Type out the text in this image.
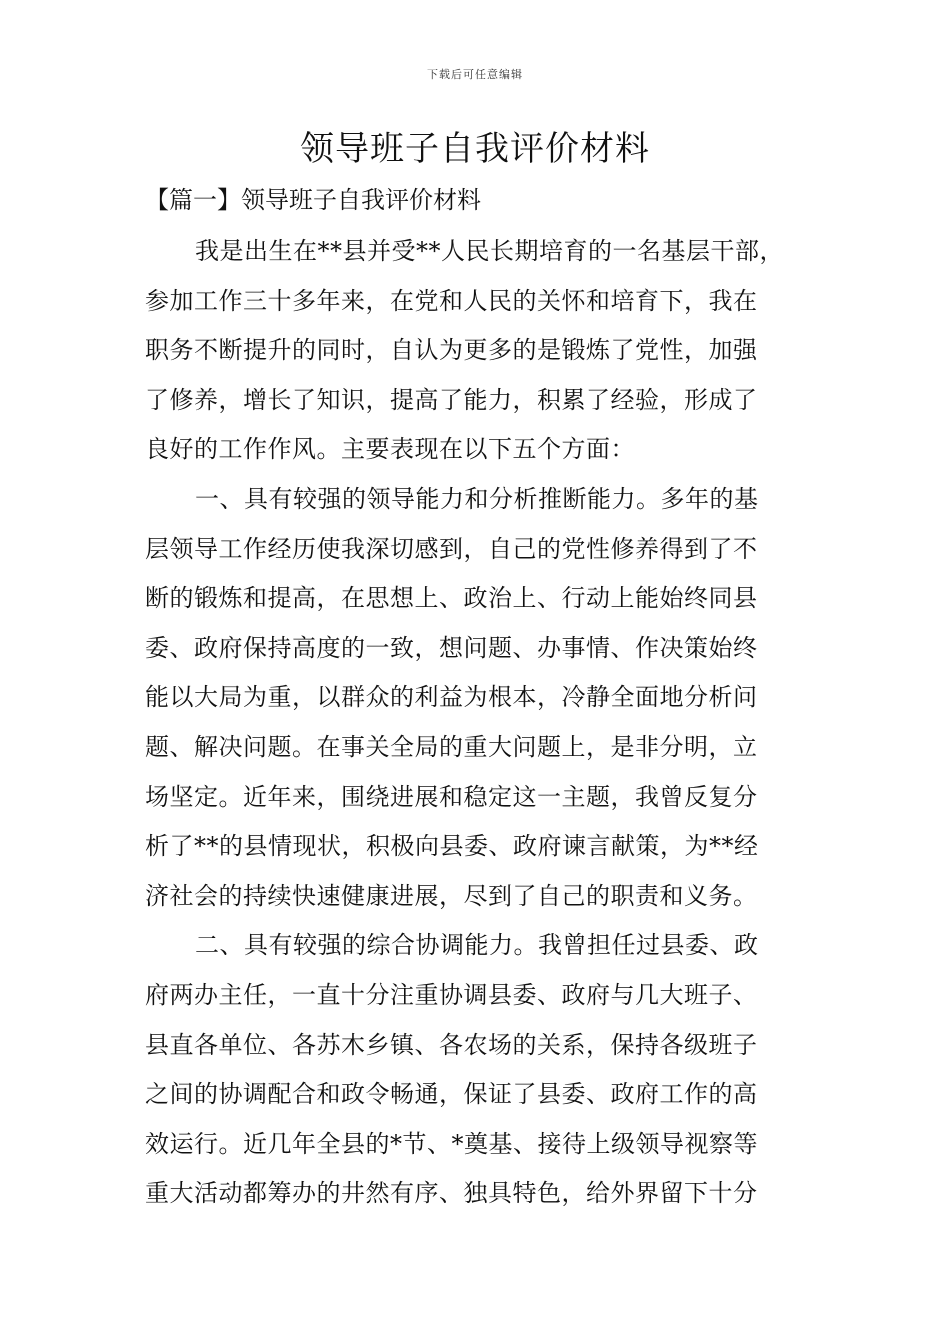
下载后可任意编辑
领导班子自我评价材料
【篇一】领导班子自我评价材料
我是出生在**县并受**人民长期培育的一名基层干部，
参加工作三十多年来，在党和人民的关怀和培育下，我在
职务不断提升的同时，自认为更多的是锻炼了党性，加强
了修养，增长了知识，提高了能力，积累了经验，形成了
良好的工作作风。主要表现在以下五个方面：
一、具有较强的领导能力和分析推断能力。多年的基
层领导工作经历使我深切感到，自己的党性修养得到了不
断的锻炼和提高，在思想上、政治上、行动上能始终同县
委、政府保持高度的一致，想问题、办事情、作决策始终
能以大局为重，以群众的利益为根本，冷静全面地分析问
题、解决问题。在事关全局的重大问题上，是非分明，立
场坚定。近年来，围绕进展和稳定这一主题，我曾反复分
析了**的县情现状，积极向县委、政府谏言献策，为**经
济社会的持续快速健康进展，尽到了自己的职责和义务。
二、具有较强的综合协调能力。我曾担任过县委、政
府两办主任，一直十分注重协调县委、政府与几大班子、
县直各单位、各苏木乡镇、各农场的关系，保持各级班子
之间的协调配合和政令畅通，保证了县委、政府工作的高
效运行。近几年全县的*节、*奠基、接待上级领导视察等
重大活动都筹办的井然有序、独具特色，给外界留下十分
